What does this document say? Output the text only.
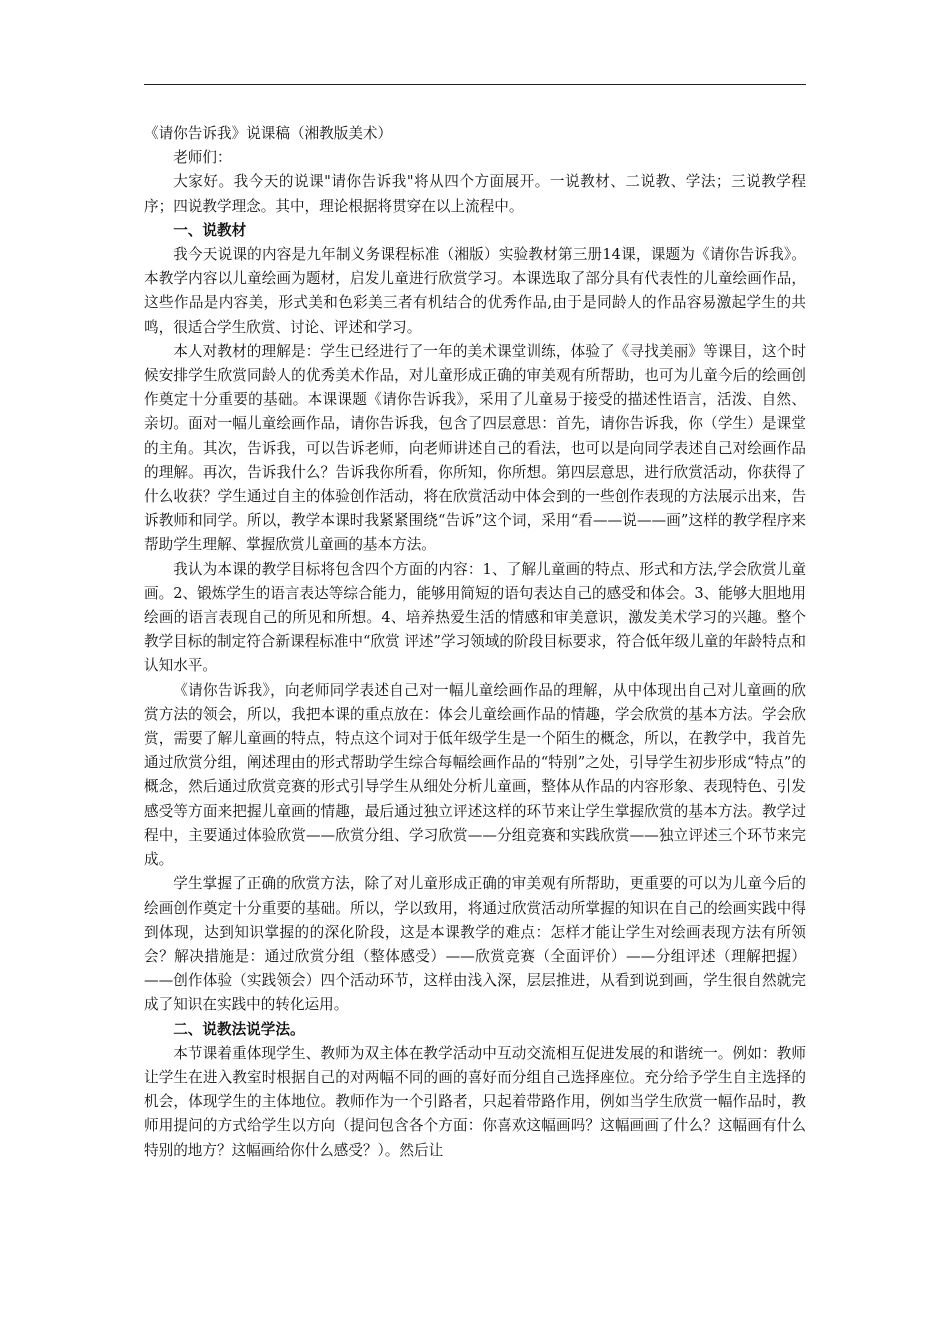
《请你告诉我》说课稿（湘教版美术）

老师们：

大家好。我今天的说课"请你告诉我"将从四个方面展开。一说教材、二说教、学法；三说教学程序；四说教学理念。其中，理论根据将贯穿在以上流程中。

一、说教材

我今天说课的内容是九年制义务课程标准（湘版）实验教材第三册14课，课题为《请你告诉我》。本教学内容以儿童绘画为题材，启发儿童进行欣赏学习。本课选取了部分具有代表性的儿童绘画作品，这些作品是内容美，形式美和色彩美三者有机结合的优秀作品,由于是同龄人的作品容易激起学生的共鸣，很适合学生欣赏、讨论、评述和学习。

本人对教材的理解是：学生已经进行了一年的美术课堂训练，体验了《寻找美丽》等课目，这个时候安排学生欣赏同龄人的优秀美术作品，对儿童形成正确的审美观有所帮助，也可为儿童今后的绘画创作奠定十分重要的基础。本课课题《请你告诉我》，采用了儿童易于接受的描述性语言，活泼、自然、亲切。面对一幅儿童绘画作品，请你告诉我，包含了四层意思：首先，请你告诉我，你（学生）是课堂的主角。其次，告诉我，可以告诉老师，向老师讲述自己的看法，也可以是向同学表述自己对绘画作品的理解。再次，告诉我什么？告诉我你所看，你所知，你所想。第四层意思，进行欣赏活动，你获得了什么收获？学生通过自主的体验创作活动，将在欣赏活动中体会到的一些创作表现的方法展示出来，告诉教师和同学。所以，教学本课时我紧紧围绕“告诉”这个词，采用“看——说——画”这样的教学程序来帮助学生理解、掌握欣赏儿童画的基本方法。

我认为本课的教学目标将包含四个方面的内容：1、了解儿童画的特点、形式和方法,学会欣赏儿童画。2、锻炼学生的语言表达等综合能力，能够用简短的语句表达自己的感受和体会。3、能够大胆地用绘画的语言表现自己的所见和所想。4、培养热爱生活的情感和审美意识，激发美术学习的兴趣。整个教学目标的制定符合新课程标准中“欣赏 评述”学习领域的阶段目标要求，符合低年级儿童的年龄特点和认知水平。

《请你告诉我》，向老师同学表述自己对一幅儿童绘画作品的理解，从中体现出自己对儿童画的欣赏方法的领会，所以，我把本课的重点放在：体会儿童绘画作品的情趣，学会欣赏的基本方法。学会欣赏，需要了解儿童画的特点，特点这个词对于低年级学生是一个陌生的概念，所以，在教学中，我首先通过欣赏分组，阐述理由的形式帮助学生综合每幅绘画作品的“特别”之处，引导学生初步形成“特点”的概念，然后通过欣赏竞赛的形式引导学生从细处分析儿童画，整体从作品的内容形象、表现特色、引发感受等方面来把握儿童画的情趣，最后通过独立评述这样的环节来让学生掌握欣赏的基本方法。教学过程中，主要通过体验欣赏——欣赏分组、学习欣赏——分组竞赛和实践欣赏——独立评述三个环节来完成。

学生掌握了正确的欣赏方法，除了对儿童形成正确的审美观有所帮助，更重要的可以为儿童今后的绘画创作奠定十分重要的基础。所以，学以致用，将通过欣赏活动所掌握的知识在自己的绘画实践中得到体现，达到知识掌握的的深化阶段，这是本课教学的难点：怎样才能让学生对绘画表现方法有所领会？解决措施是：通过欣赏分组（整体感受）——欣赏竞赛（全面评价）——分组评述（理解把握）——创作体验（实践领会）四个活动环节，这样由浅入深，层层推进，从看到说到画，学生很自然就完成了知识在实践中的转化运用。

二、说教法说学法。

本节课着重体现学生、教师为双主体在教学活动中互动交流相互促进发展的和谐统一。例如：教师让学生在进入教室时根据自己的对两幅不同的画的喜好而分组自己选择座位。充分给予学生自主选择的机会，体现学生的主体地位。教师作为一个引路者，只起着带路作用，例如当学生欣赏一幅作品时，教师用提问的方式给学生以方向（提问包含各个方面：你喜欢这幅画吗？这幅画画了什么？这幅画有什么特别的地方？这幅画给你什么感受？）。然后让
